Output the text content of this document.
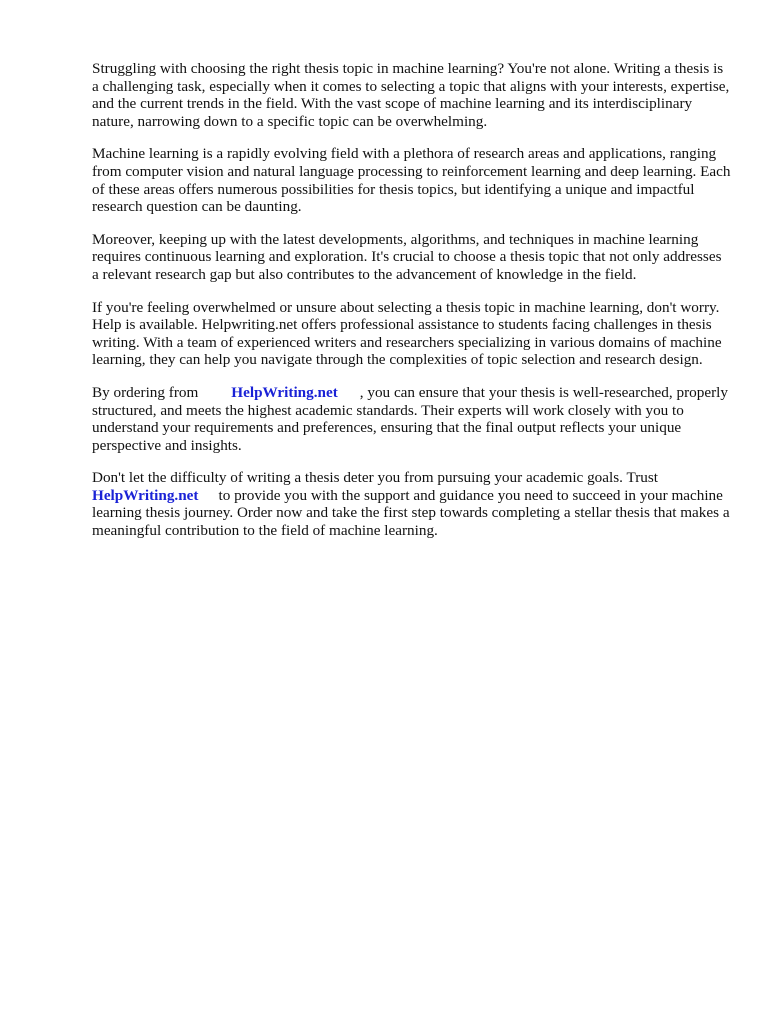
Struggling with choosing the right thesis topic in machine learning? You're not alone. Writing a thesis is a challenging task, especially when it comes to selecting a topic that aligns with your interests, expertise, and the current trends in the field. With the vast scope of machine learning and its interdisciplinary nature, narrowing down to a specific topic can be overwhelming.

Machine learning is a rapidly evolving field with a plethora of research areas and applications, ranging from computer vision and natural language processing to reinforcement learning and deep learning. Each of these areas offers numerous possibilities for thesis topics, but identifying a unique and impactful research question can be daunting.

Moreover, keeping up with the latest developments, algorithms, and techniques in machine learning requires continuous learning and exploration. It's crucial to choose a thesis topic that not only addresses a relevant research gap but also contributes to the advancement of knowledge in the field.

If you're feeling overwhelmed or unsure about selecting a thesis topic in machine learning, don't worry. Help is available. Helpwriting.net offers professional assistance to students facing challenges in thesis writing. With a team of experienced writers and researchers specializing in various domains of machine learning, they can help you navigate through the complexities of topic selection and research design.

By ordering from HelpWriting.net , you can ensure that your thesis is well-researched, properly structured, and meets the highest academic standards. Their experts will work closely with you to understand your requirements and preferences, ensuring that the final output reflects your unique perspective and insights.

Don't let the difficulty of writing a thesis deter you from pursuing your academic goals. Trust HelpWriting.net to provide you with the support and guidance you need to succeed in your machine learning thesis journey. Order now and take the first step towards completing a stellar thesis that makes a meaningful contribution to the field of machine learning.
